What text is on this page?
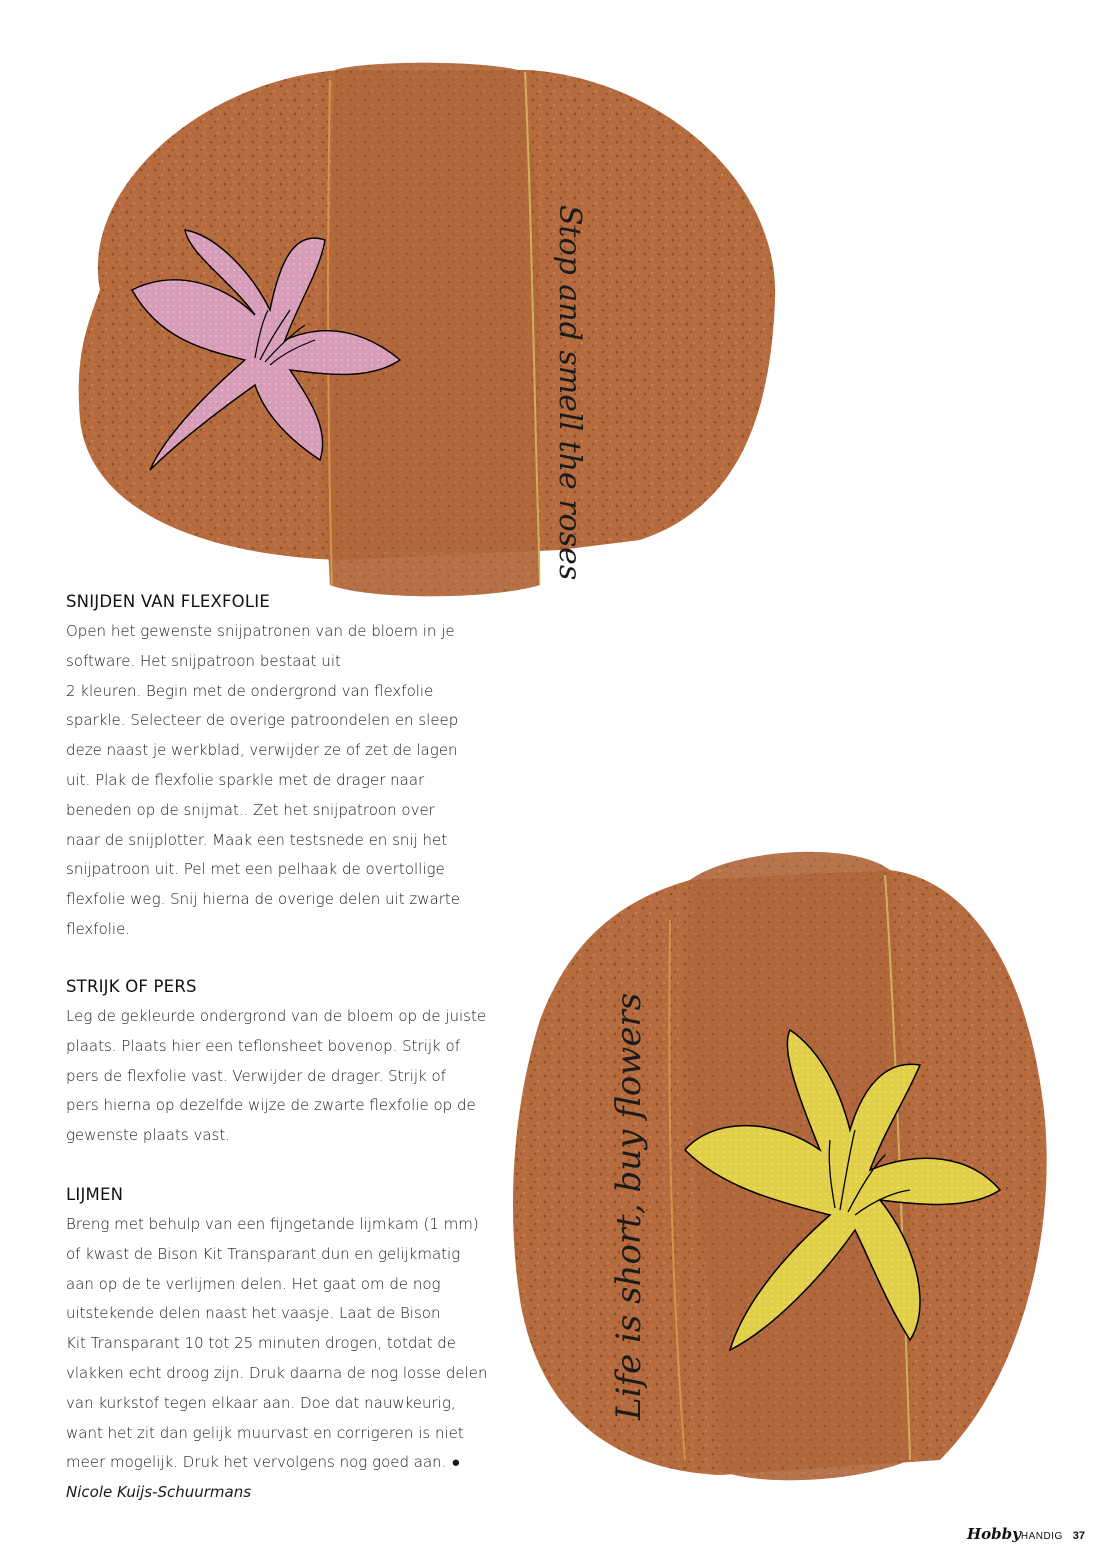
Stop and smell the roses
Life is short, buy flowers
SNIJDEN VAN FLEXFOLIE

Open het gewenste snijpatronen van de bloem in je
software. Het snijpatroon bestaat uit
2 kleuren. Begin met de ondergrond van flexfolie
sparkle. Selecteer de overige patroondelen en sleep
deze naast je werkblad, verwijder ze of zet de lagen
uit. Plak de flexfolie sparkle met de drager naar
beneden op de snijmat.. Zet het snijpatroon over
naar de snijplotter. Maak een testsnede en snij het
snijpatroon uit. Pel met een pelhaak de overtollige
flexfolie weg. Snij hierna de overige delen uit zwarte
flexfolie.

STRIJK OF PERS

Leg de gekleurde ondergrond van de bloem op de juiste
plaats. Plaats hier een teflonsheet bovenop. Strijk of
pers de flexfolie vast. Verwijder de drager. Strijk of
pers hierna op dezelfde wijze de zwarte flexfolie op de
gewenste plaats vast.

LIJMEN

Breng met behulp van een fijngetande lijmkam (1 mm)
of kwast de Bison Kit Transparant dun en gelijkmatig
aan op de te verlijmen delen. Het gaat om de nog
uitstekende delen naast het vaasje. Laat de Bison
Kit Transparant 10 tot 25 minuten drogen, totdat de
vlakken echt droog zijn. Druk daarna de nog losse delen
van kurkstof tegen elkaar aan. Doe dat nauwkeurig,
want het zit dan gelijk muurvast en corrigeren is niet
meer mogelijk. Druk het vervolgens nog goed aan. ●
Nicole Kuijs-Schuurmans

Hobby HANDIG 37
